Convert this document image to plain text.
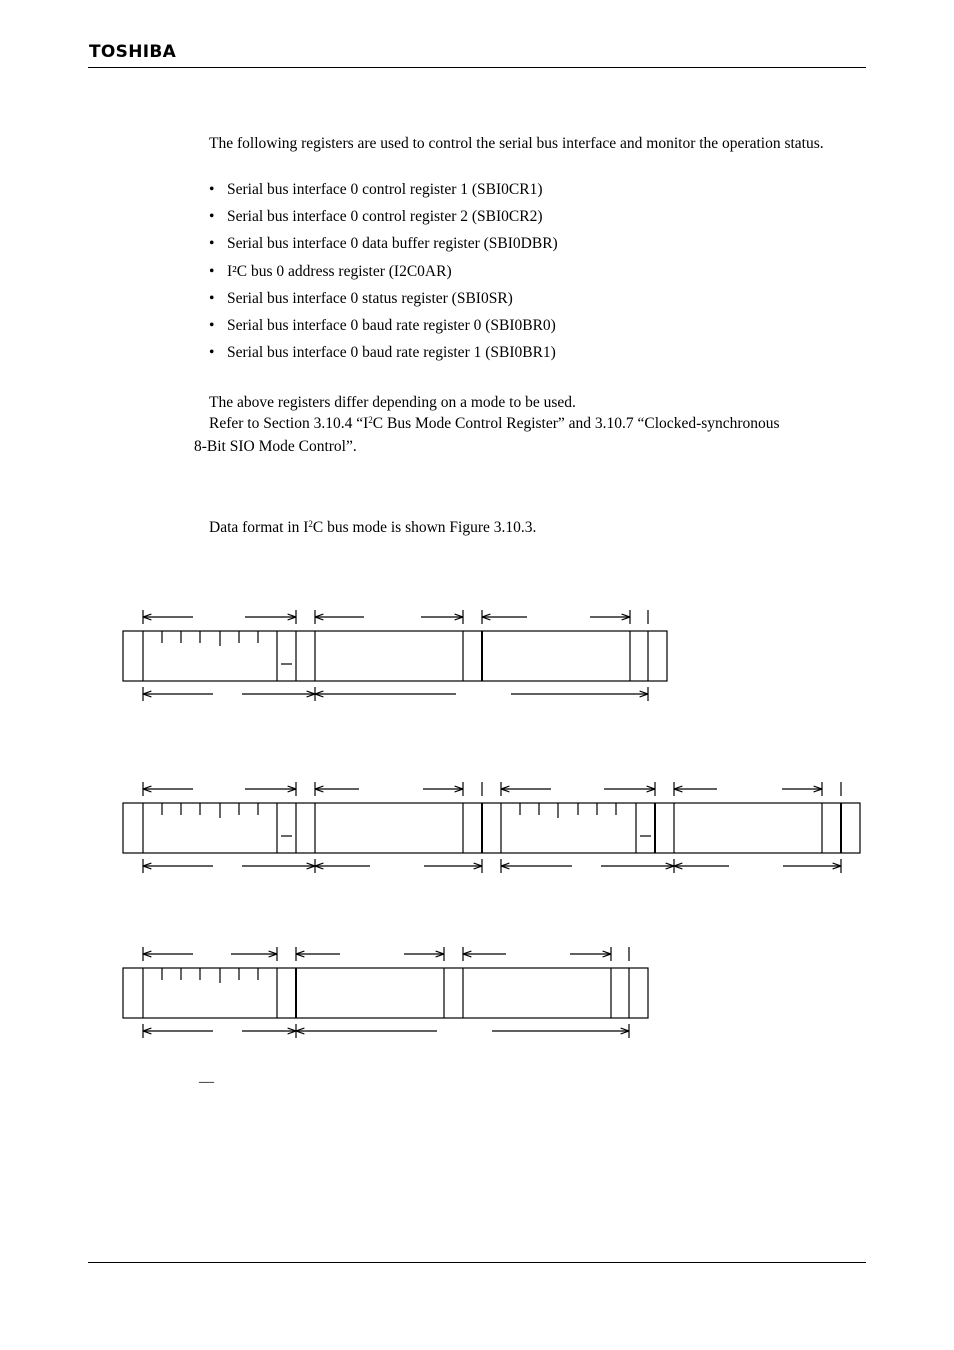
TOSHIBA

The following registers are used to control the serial bus interface and monitor the operation status.

• Serial bus interface 0 control register 1 (SBI0CR1)
• Serial bus interface 0 control register 2 (SBI0CR2)
• Serial bus interface 0 data buffer register (SBI0DBR)
• I²C bus 0 address register (I2C0AR)
• Serial bus interface 0 status register (SBI0SR)
• Serial bus interface 0 baud rate register 0 (SBI0BR0)
• Serial bus interface 0 baud rate register 1 (SBI0BR1)
The above registers differ depending on a mode to be used.
Refer to Section 3.10.4 “$I^2C$ Bus Mode Control Register” and 3.10.7 “Clocked-synchronous
8-Bit SIO Mode Control”.
Data format in $I^2C$ bus mode is shown Figure 3.10.3.
—
